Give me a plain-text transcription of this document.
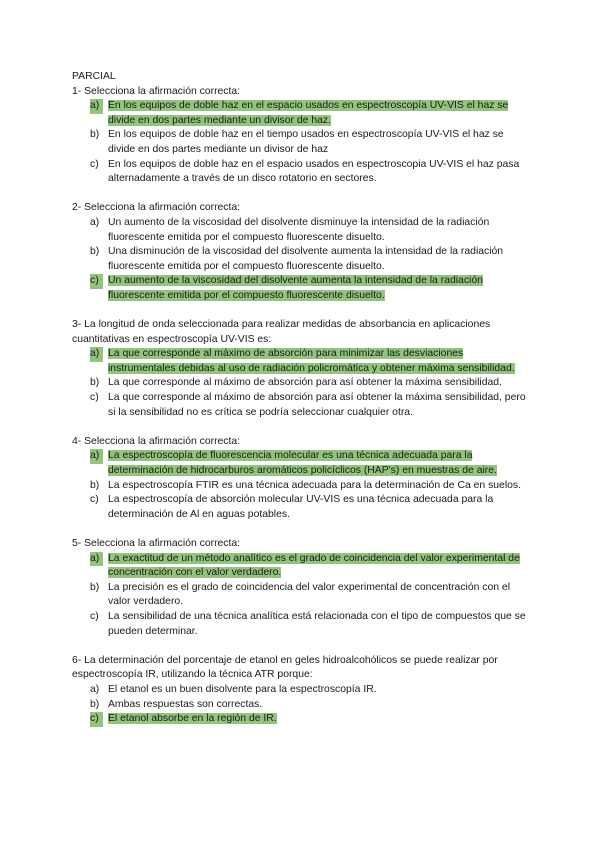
PARCIAL

1- Selecciona la afirmación correcta:

a) En los equipos de doble haz en el espacio usados en espectroscopía UV-VIS el haz se divide en dos partes mediante un divisor de haz.
b) En los equipos de doble haz en el tiempo usados en espectroscopía UV-VIS el haz se divide en dos partes mediante un divisor de haz
c) En los equipos de doble haz en el espacio usados en espectroscopia UV-VIS el haz pasa alternadamente a través de un disco rotatorio en sectores.

2- Selecciona la afirmación correcta:

a) Un aumento de la viscosidad del disolvente disminuye la intensidad de la radiación fluorescente emitida por el compuesto fluorescente disuelto.
b) Una disminución de la viscosidad del disolvente aumenta la intensidad de la radiación fluorescente emitida por el compuesto fluorescente disuelto.
c) Un aumento de la viscosidad del disolvente aumenta la intensidad de la radiación fluorescente emitida por el compuesto fluorescente disuelto.

3- La longitud de onda seleccionada para realizar medidas de absorbancia en aplicaciones cuantitativas en espectroscopía UV-VIS es:

a) La que corresponde al máximo de absorción para minimizar las desviaciones instrumentales debidas al uso de radiación policromática y obtener máxima sensibilidad.
b) La que corresponde al máximo de absorción para así obtener la máxima sensibilidad.
c) La que corresponde al máximo de absorción para así obtener la máxima sensibilidad, pero si la sensibilidad no es crítica se podría seleccionar cualquier otra.

4- Selecciona la afirmación correcta:

a) La espectroscopía de fluorescencia molecular es una técnica adecuada para la determinación de hidrocarburos aromáticos policíclicos (HAP's) en muestras de aire.
b) La espectroscopía FTIR es una técnica adecuada para la determinación de Ca en suelos.
c) La espectroscopía de absorción molecular UV-VIS es una técnica adecuada para la determinación de Al en aguas potables.

5- Selecciona la afirmación correcta:

a) La exactitud de un método analítico es el grado de coincidencia del valor experimental de concentración con el valor verdadero.
b) La precisión es el grado de coincidencia del valor experimental de concentración con el valor verdadero.
c) La sensibilidad de una técnica analítica está relacionada con el tipo de compuestos que se pueden determinar.

6- La determinación del porcentaje de etanol en geles hidroalcohólicos se puede realizar por espectroscopía IR, utilizando la técnica ATR porque:

a) El etanol es un buen disolvente para la espectroscopía IR.
b) Ambas respuestas son correctas.
c) El etanol absorbe en la región de IR.
